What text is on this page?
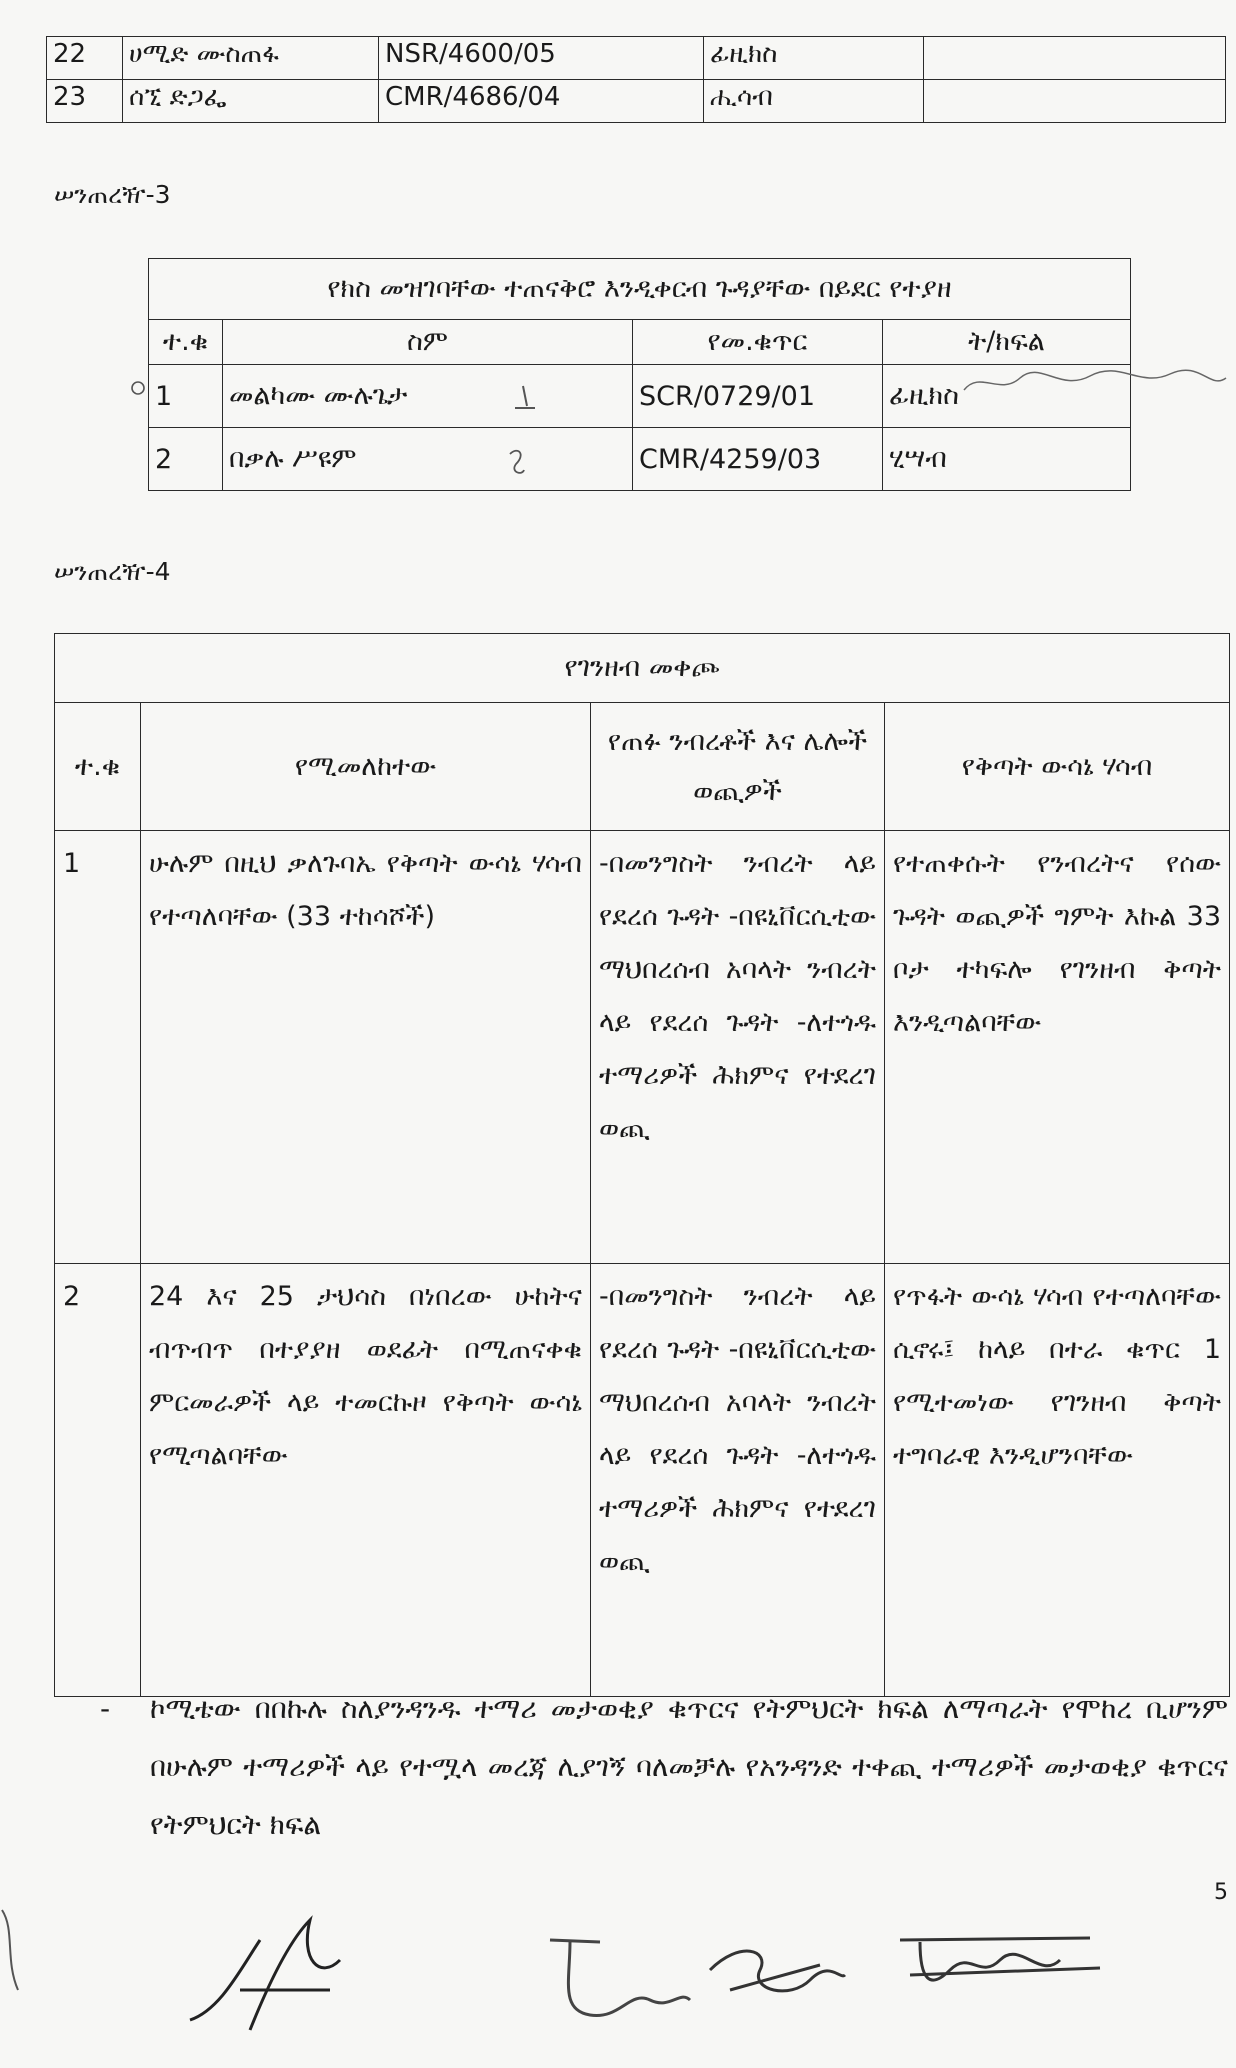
22	ሀሚድ ሙስጠፋ	NSR/4600/05	ፊዚክስ	
23	ሰኚ ድጋፌ	CMR/4686/04	ሒሳብ	
ሠንጠረዥ-3
የክስ መዝገባቸው ተጠናቅሮ እንዲቀርብ ጉዳያቸው በይደር የተያዘ			
ተ.ቁ	ስም	የመ.ቁጥር	ት/ክፍል
1	መልካሙ ሙሉጌታ	SCR/0729/01	ፊዚክስ
2	በቃሉ ሥዩም	CMR/4259/03	ሂሣብ
ሠንጠረዥ-4
የገንዘብ መቀጮ			
ተ.ቁ	የሚመለከተው	የጠፉ ንብረቶች እና ሌሎች ወጪዎች	የቅጣት ውሳኔ ሃሳብ
1	ሁሉም በዚህ ቃለጉባኤ የቅጣት ውሳኔ ሃሳብ የተጣለባቸው (33 ተከሳሾች)	-በመንግስት ንብረት ላይ የደረሰ ጉዳት -በዩኒቨርሲቲው ማህበረሰብ አባላት ንብረት ላይ የደረሰ ጉዳት -ለተጎዱ ተማሪዎች ሕክምና የተደረገ ወጪ	የተጠቀሱት የንብረትና የሰው ጉዳት ወጪዎች ግምት እኩል 33 ቦታ ተካፍሎ የገንዘብ ቅጣት እንዲጣልባቸው
2	24 እና 25 ታህሳስ በነበረው ሁከትና ብጥብጥ በተያያዘ ወደፊት በሚጠናቀቁ ምርመራዎች ላይ ተመርኩዞ የቅጣት ውሳኔ የሚጣልባቸው	-በመንግስት ንብረት ላይ የደረሰ ጉዳት -በዩኒቨርሲቲው ማህበረሰብ አባላት ንብረት ላይ የደረሰ ጉዳት -ለተጎዱ ተማሪዎች ሕክምና የተደረገ ወጪ	የጥፋት ውሳኔ ሃሳብ የተጣለባቸው ሲኖሩ፤ ከላይ በተራ ቁጥር 1 የሚተመነው የገንዘብ ቅጣት ተግባራዊ እንዲሆንባቸው
- ኮሚቴው በበኩሉ ስለያንዳንዱ ተማሪ መታወቂያ ቁጥርና የትምህርት ክፍል ለማጣራት የሞከረ ቢሆንም በሁሉም ተማሪዎች ላይ የተሟላ መረጃ ሊያገኝ ባለመቻሉ የአንዳንድ ተቀጪ ተማሪዎች መታወቂያ ቁጥርና የትምህርት ክፍል
5
